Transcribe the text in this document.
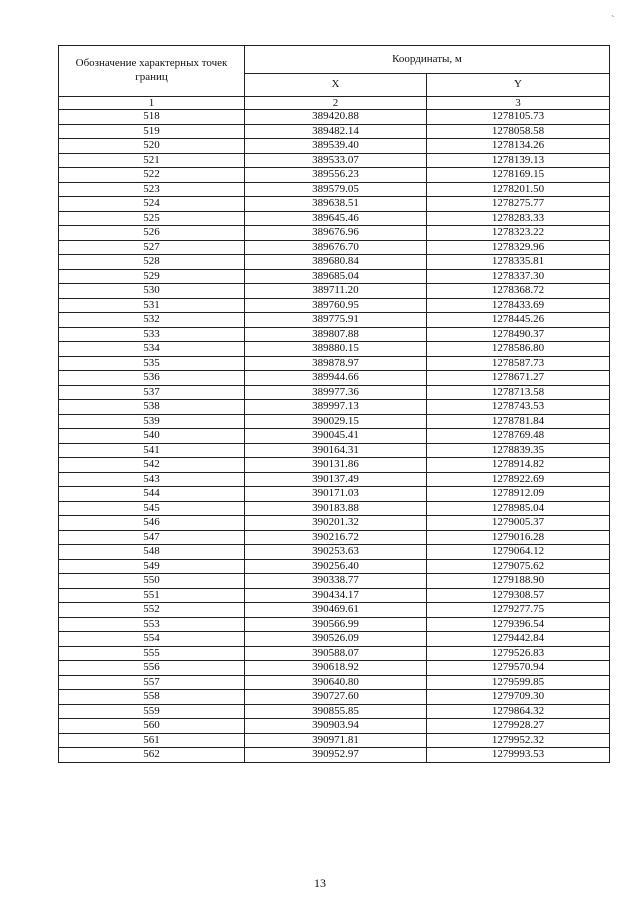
`
Обозначение характерных точек границ	Координаты, м	
	X	Y
1	2	3
518	389420.88	1278105.73
519	389482.14	1278058.58
520	389539.40	1278134.26
521	389533.07	1278139.13
522	389556.23	1278169.15
523	389579.05	1278201.50
524	389638.51	1278275.77
525	389645.46	1278283.33
526	389676.96	1278323.22
527	389676.70	1278329.96
528	389680.84	1278335.81
529	389685.04	1278337.30
530	389711.20	1278368.72
531	389760.95	1278433.69
532	389775.91	1278445.26
533	389807.88	1278490.37
534	389880.15	1278586.80
535	389878.97	1278587.73
536	389944.66	1278671.27
537	389977.36	1278713.58
538	389997.13	1278743.53
539	390029.15	1278781.84
540	390045.41	1278769.48
541	390164.31	1278839.35
542	390131.86	1278914.82
543	390137.49	1278922.69
544	390171.03	1278912.09
545	390183.88	1278985.04
546	390201.32	1279005.37
547	390216.72	1279016.28
548	390253.63	1279064.12
549	390256.40	1279075.62
550	390338.77	1279188.90
551	390434.17	1279308.57
552	390469.61	1279277.75
553	390566.99	1279396.54
554	390526.09	1279442.84
555	390588.07	1279526.83
556	390618.92	1279570.94
557	390640.80	1279599.85
558	390727.60	1279709.30
559	390855.85	1279864.32
560	390903.94	1279928.27
561	390971.81	1279952.32
562	390952.97	1279993.53
13
